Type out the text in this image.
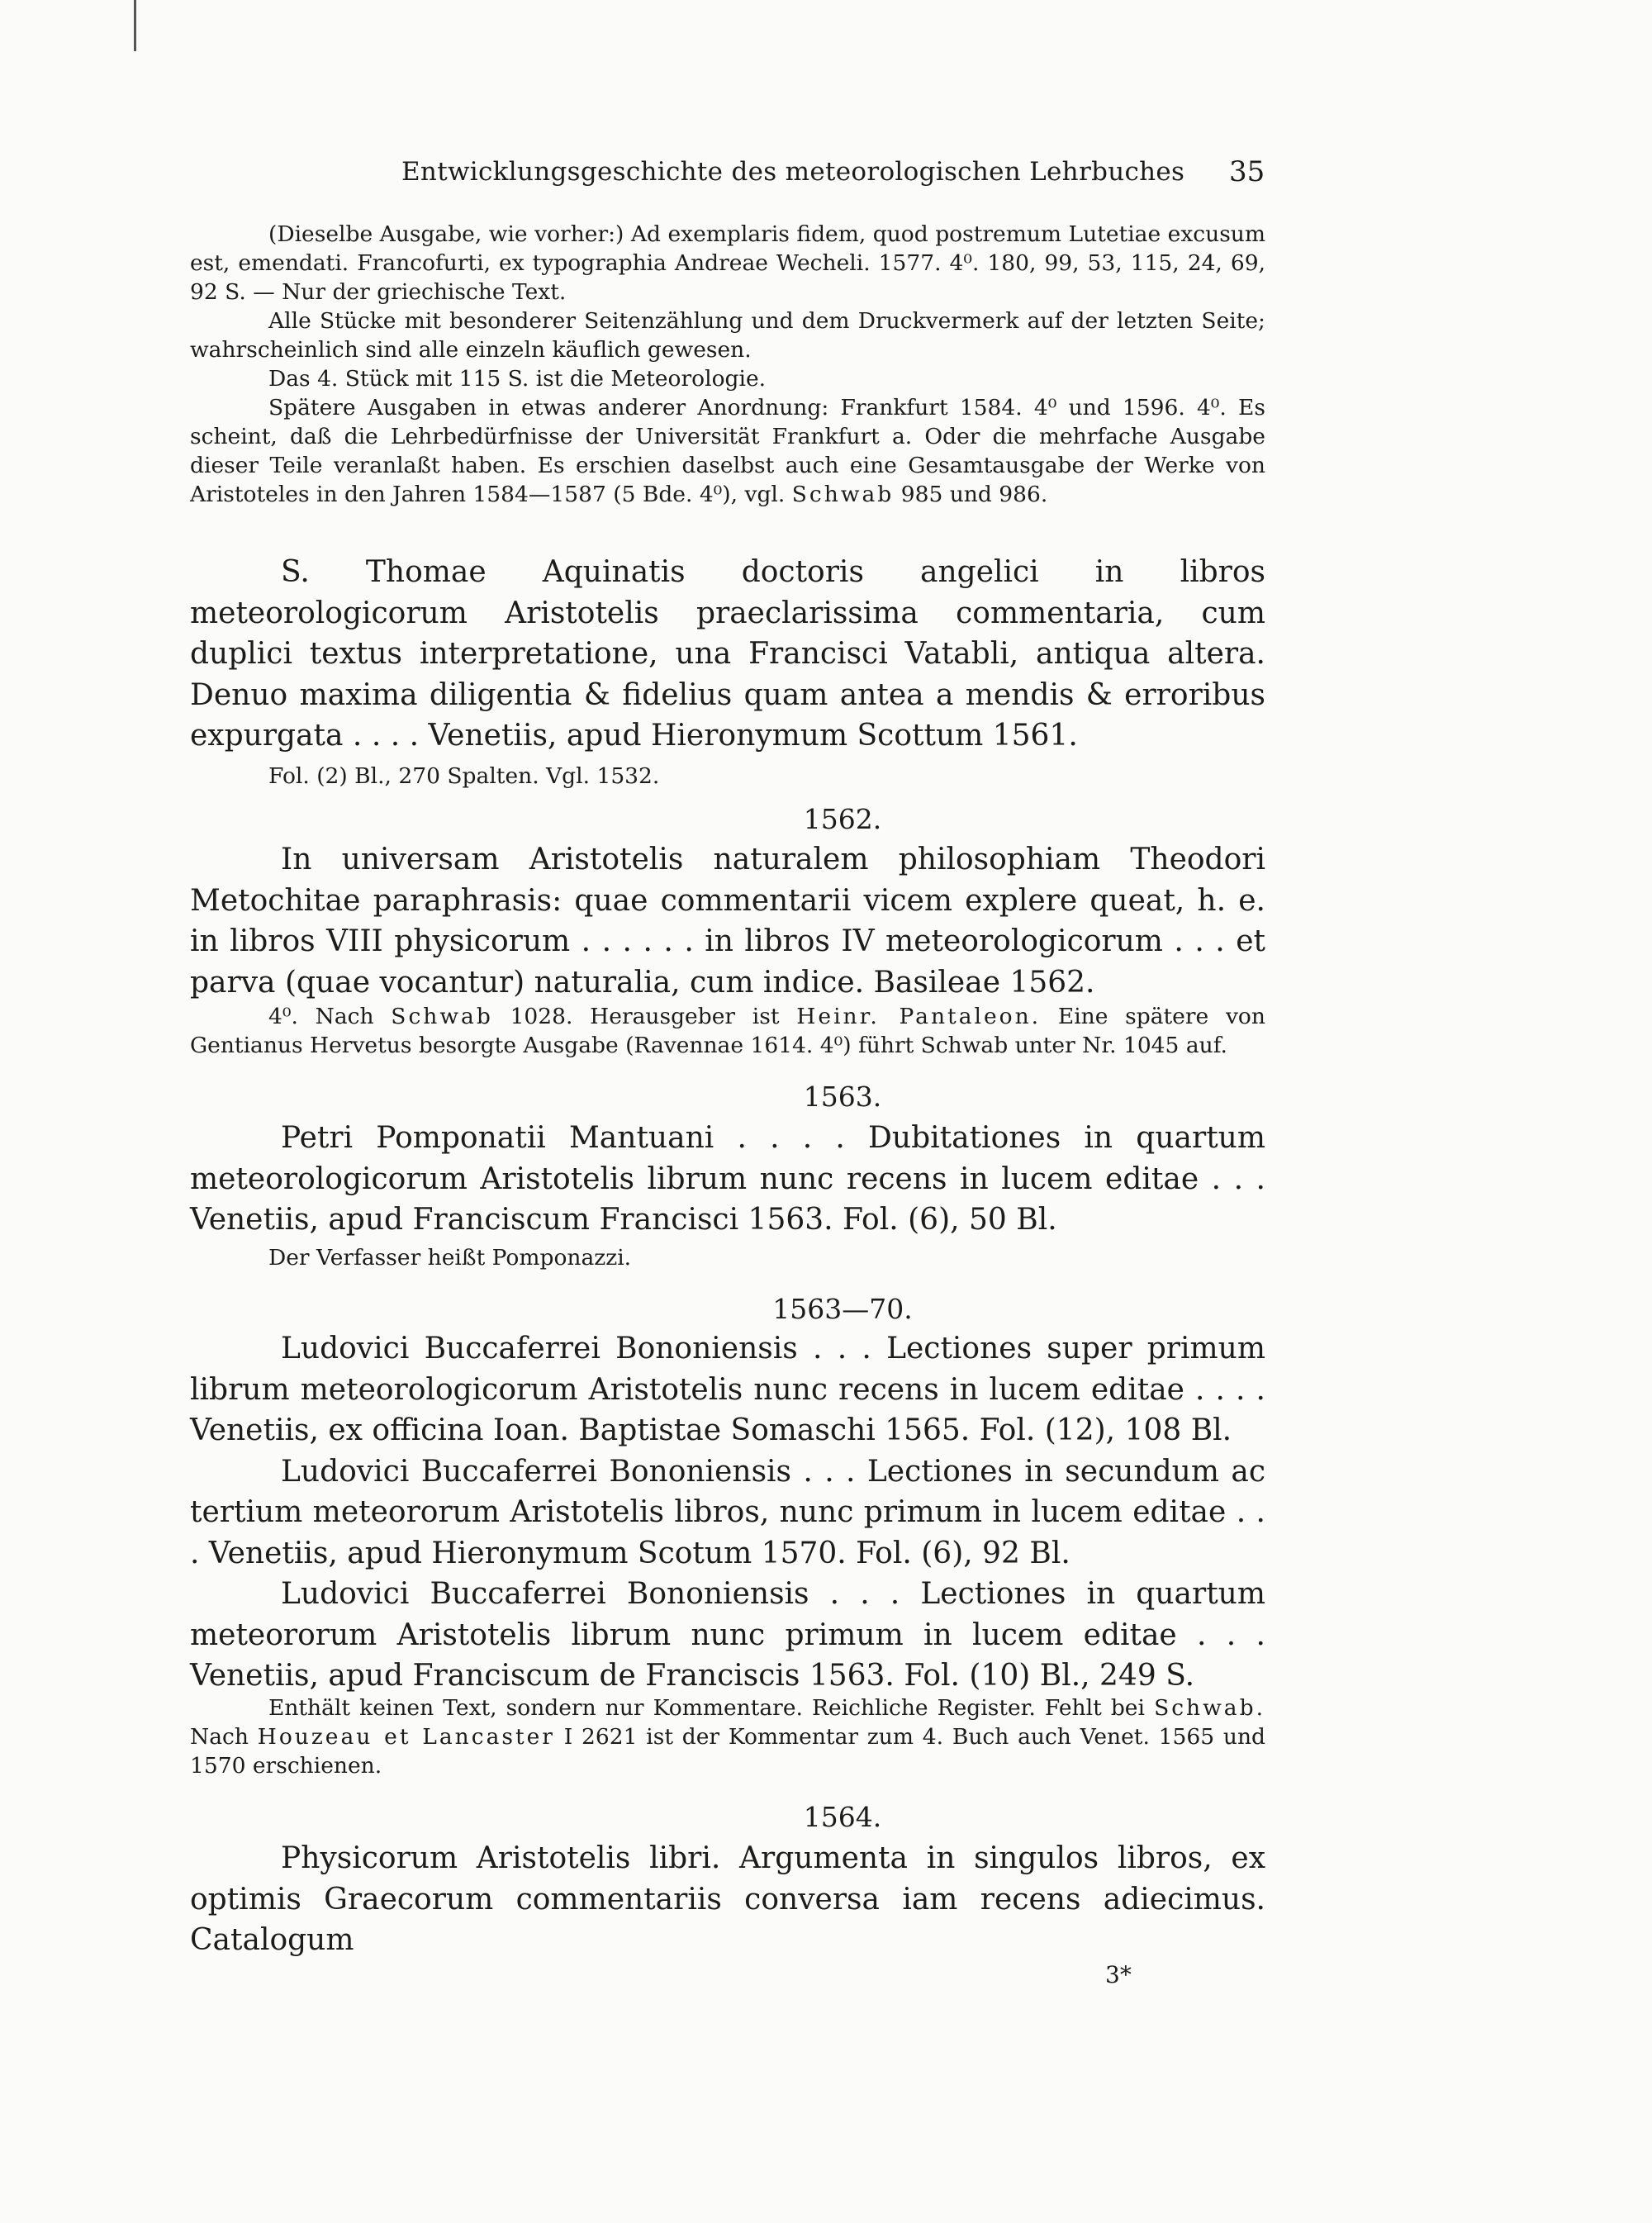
Entwicklungsgeschichte des meteorologischen Lehrbuches	35

(Dieselbe Ausgabe, wie vorher:) Ad exemplaris fidem, quod postremum Lutetiae excusum est, emendati. Francofurti, ex typographia Andreae Wecheli. 1577. 4⁰. 180, 99, 53, 115, 24, 69, 92 S. — Nur der griechische Text.

Alle Stücke mit besonderer Seitenzählung und dem Druckvermerk auf der letzten Seite; wahrscheinlich sind alle einzeln käuflich gewesen.

Das 4. Stück mit 115 S. ist die Meteorologie.

Spätere Ausgaben in etwas anderer Anordnung: Frankfurt 1584. 4⁰ und 1596. 4⁰. Es scheint, daß die Lehrbedürfnisse der Universität Frankfurt a. Oder die mehrfache Ausgabe dieser Teile veranlaßt haben. Es erschien daselbst auch eine Gesamtausgabe der Werke von Aristoteles in den Jahren 1584—1587 (5 Bde. 4⁰), vgl. Schwab 985 und 986.

S. Thomae Aquinatis doctoris angelici in libros meteorologicorum Aristotelis praeclarissima commentaria, cum duplici textus interpretatione, una Francisci Vatabli, antiqua altera. Denuo maxima diligentia & fidelius quam antea a mendis & erroribus expurgata . . . . Venetiis, apud Hieronymum Scottum 1561.

Fol. (2) Bl., 270 Spalten. Vgl. 1532.

1562.

In universam Aristotelis naturalem philosophiam Theodori Metochitae paraphrasis: quae commentarii vicem explere queat, h. e. in libros VIII physicorum . . . . . . in libros IV meteorologicorum . . . et parva (quae vocantur) naturalia, cum indice. Basileae 1562.

4⁰. Nach Schwab 1028. Herausgeber ist Heinr. Pantaleon. Eine spätere von Gentianus Hervetus besorgte Ausgabe (Ravennae 1614. 4⁰) führt Schwab unter Nr. 1045 auf.

1563.

Petri Pomponatii Mantuani . . . . Dubitationes in quartum meteorologicorum Aristotelis librum nunc recens in lucem editae . . . Venetiis, apud Franciscum Francisci 1563. Fol. (6), 50 Bl.

Der Verfasser heißt Pomponazzi.

1563—70.

Ludovici Buccaferrei Bononiensis . . . Lectiones super primum librum meteorologicorum Aristotelis nunc recens in lucem editae . . . . Venetiis, ex officina Ioan. Baptistae Somaschi 1565. Fol. (12), 108 Bl.

Ludovici Buccaferrei Bononiensis . . . Lectiones in secundum ac tertium meteororum Aristotelis libros, nunc primum in lucem editae . . . Venetiis, apud Hieronymum Scotum 1570. Fol. (6), 92 Bl.

Ludovici Buccaferrei Bononiensis . . . Lectiones in quartum meteororum Aristotelis librum nunc primum in lucem editae . . . Venetiis, apud Franciscum de Franciscis 1563. Fol. (10) Bl., 249 S.

Enthält keinen Text, sondern nur Kommentare. Reichliche Register. Fehlt bei Schwab. Nach Houzeau et Lancaster I 2621 ist der Kommentar zum 4. Buch auch Venet. 1565 und 1570 erschienen.

1564.

Physicorum Aristotelis libri. Argumenta in singulos libros, ex optimis Graecorum commentariis conversa iam recens adiecimus. Catalogum

3*
